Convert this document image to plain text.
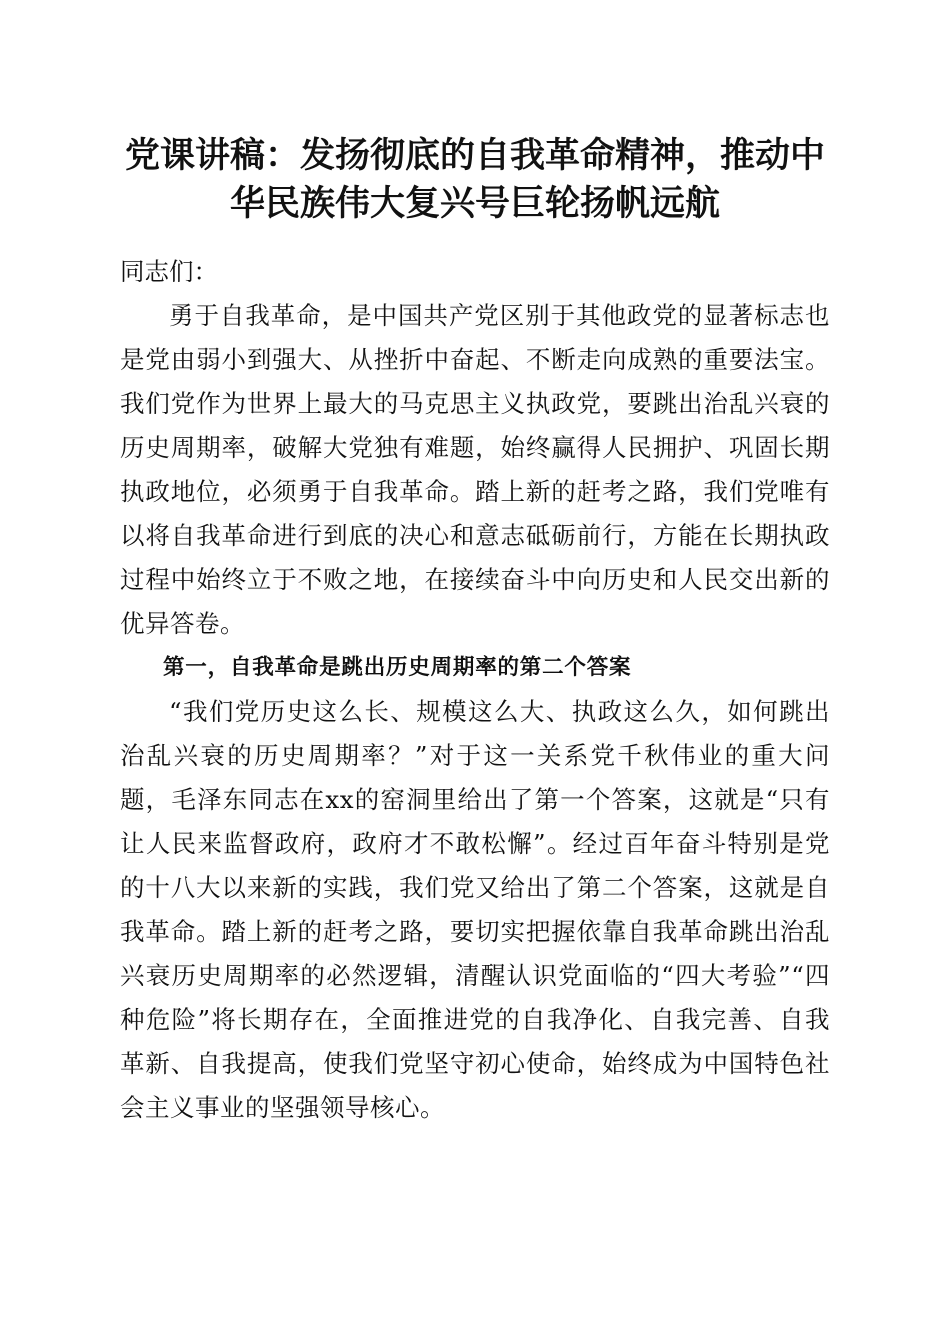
党课讲稿：发扬彻底的自我革命精神，推动中
华民族伟大复兴号巨轮扬帆远航

同志们：

勇于自我革命，是中国共产党区别于其他政党的显著标志也是党由弱小到强大、从挫折中奋起、不断走向成熟的重要法宝。我们党作为世界上最大的马克思主义执政党，要跳出治乱兴衰的历史周期率，破解大党独有难题，始终赢得人民拥护、巩固长期执政地位，必须勇于自我革命。踏上新的赶考之路，我们党唯有以将自我革命进行到底的决心和意志砥砺前行，方能在长期执政过程中始终立于不败之地，在接续奋斗中向历史和人民交出新的优异答卷。

第一，自我革命是跳出历史周期率的第二个答案

“我们党历史这么长、规模这么大、执政这么久，如何跳出治乱兴衰的历史周期率？”对于这一关系党千秋伟业的重大问题，毛泽东同志在xx的窑洞里给出了第一个答案，这就是“只有让人民来监督政府，政府才不敢松懈”。经过百年奋斗特别是党的十八大以来新的实践，我们党又给出了第二个答案，这就是自我革命。踏上新的赶考之路，要切实把握依靠自我革命跳出治乱兴衰历史周期率的必然逻辑，清醒认识党面临的“四大考验”“四种危险”将长期存在，全面推进党的自我净化、自我完善、自我革新、自我提高，使我们党坚守初心使命，始终成为中国特色社会主义事业的坚强领导核心。
